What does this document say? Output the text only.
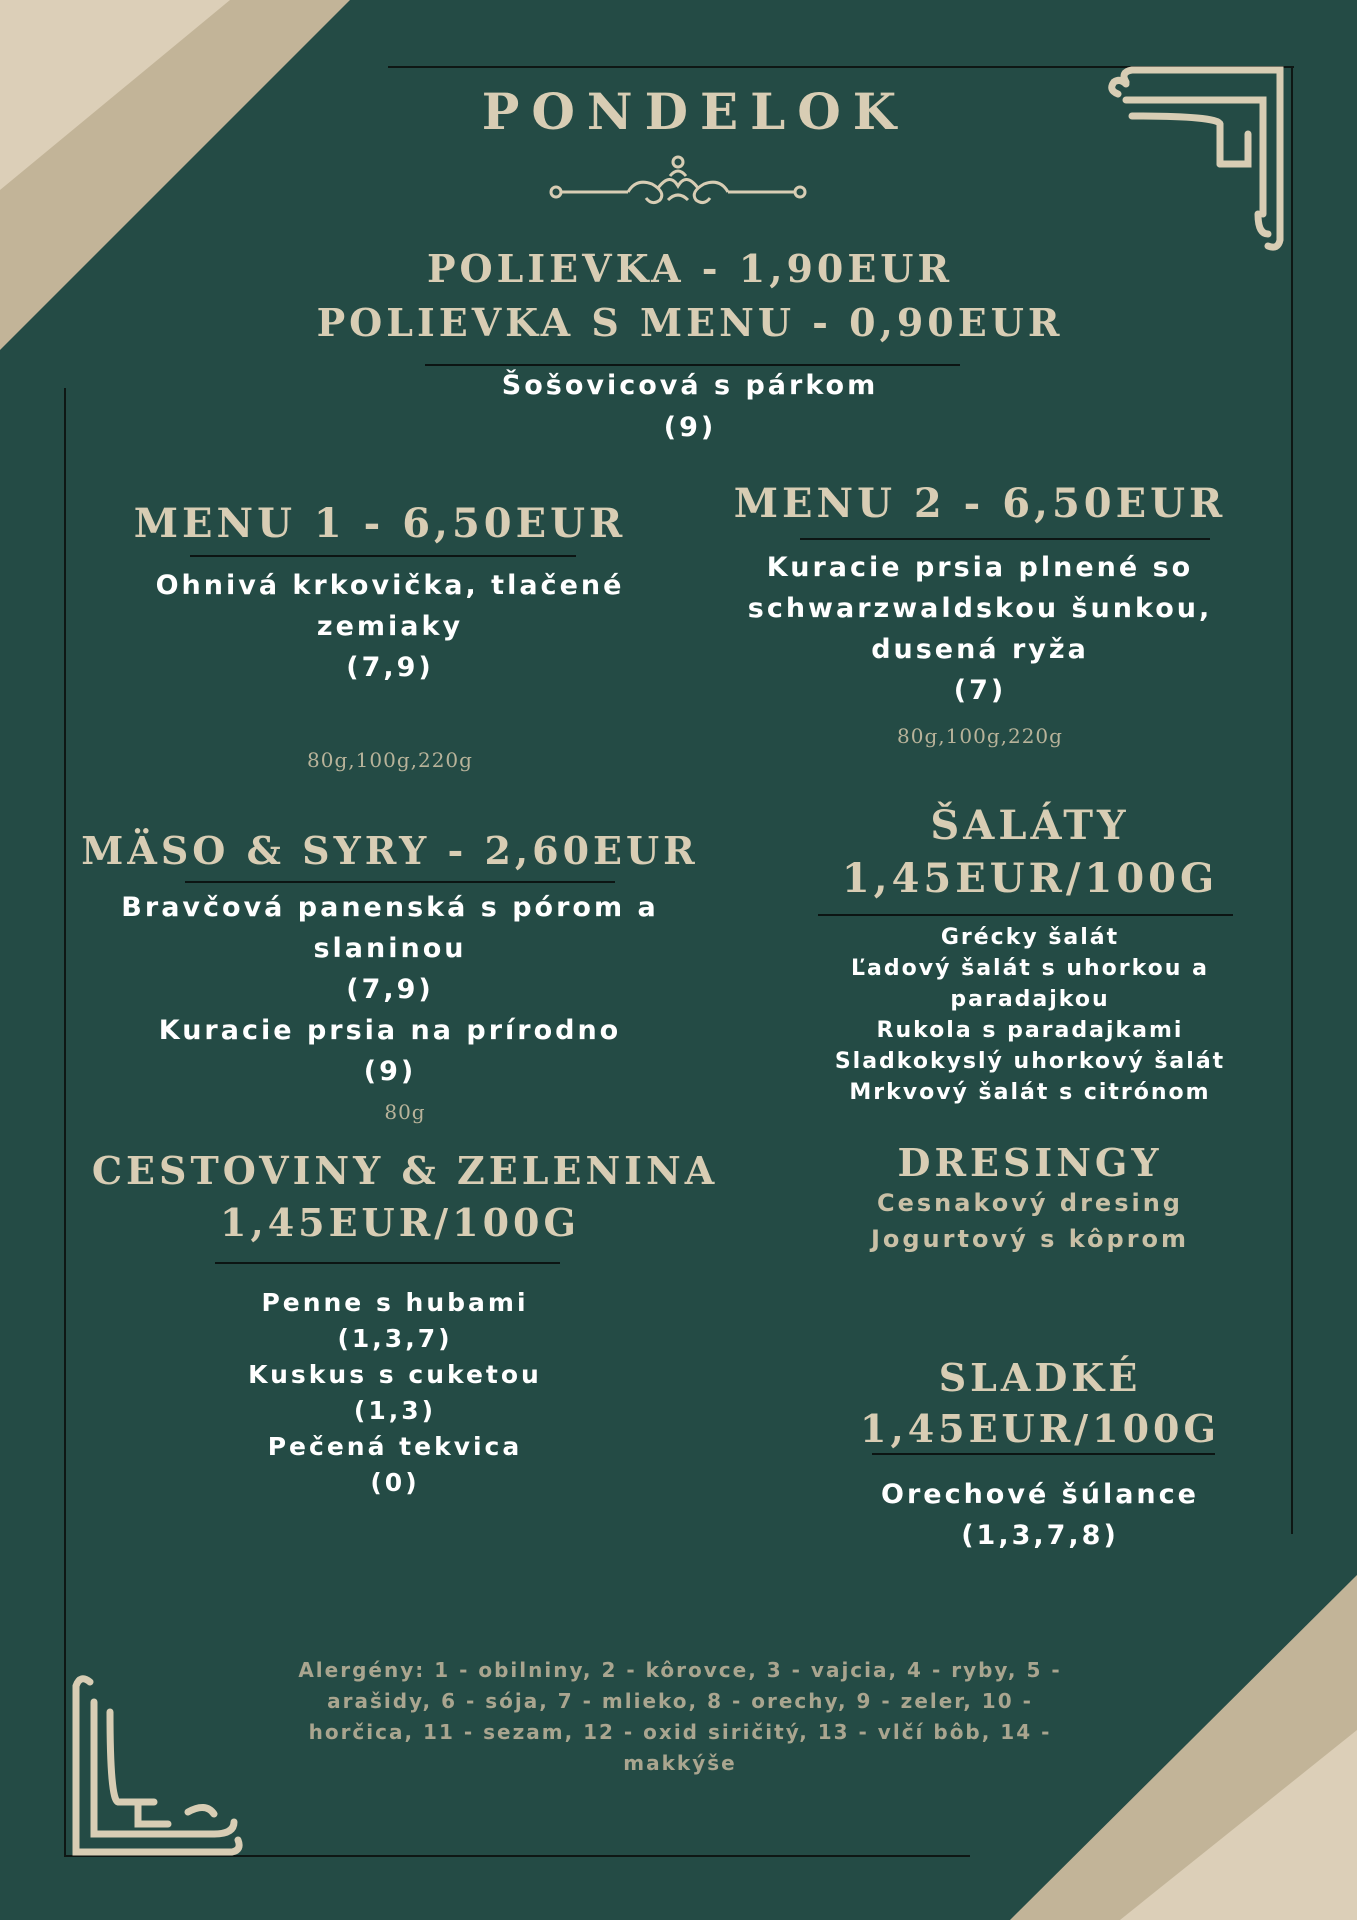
PONDELOK
POLIEVKA - 1,90EUR
POLIEVKA S MENU - 0,90EUR
Šošovicová s párkom
(9)
MENU 1 - 6,50EUR
Ohnivá krkovička, tlačené
zemiaky
(7,9)
80g,100g,220g
MENU 2 - 6,50EUR
Kuracie prsia plnené so
schwarzwaldskou šunkou,
dusená ryža
(7)
80g,100g,220g
MÄSO & SYRY - 2,60EUR
Bravčová panenská s pórom a
slaninou
(7,9)
Kuracie prsia na prírodno
(9)
80g
ŠALÁTY
1,45EUR/100G
Grécky šalát
Ľadový šalát s uhorkou a
paradajkou
Rukola s paradajkami
Sladkokyslý uhorkový šalát
Mrkvový šalát s citrónom
DRESINGY
Cesnakový dresing
Jogurtový s kôprom
CESTOVINY & ZELENINA
1,45EUR/100G
Penne s hubami
(1,3,7)
Kuskus s cuketou
(1,3)
Pečená tekvica
(0)
SLADKÉ
1,45EUR/100G
Orechové šúlance
(1,3,7,8)
Alergény: 1 - obilniny, 2 - kôrovce, 3 - vajcia, 4 - ryby, 5 -
arašidy, 6 - sója, 7 - mlieko, 8 - orechy, 9 - zeler, 10 -
horčica, 11 - sezam, 12 - oxid siričitý, 13 - vlčí bôb, 14 -
makkýše
